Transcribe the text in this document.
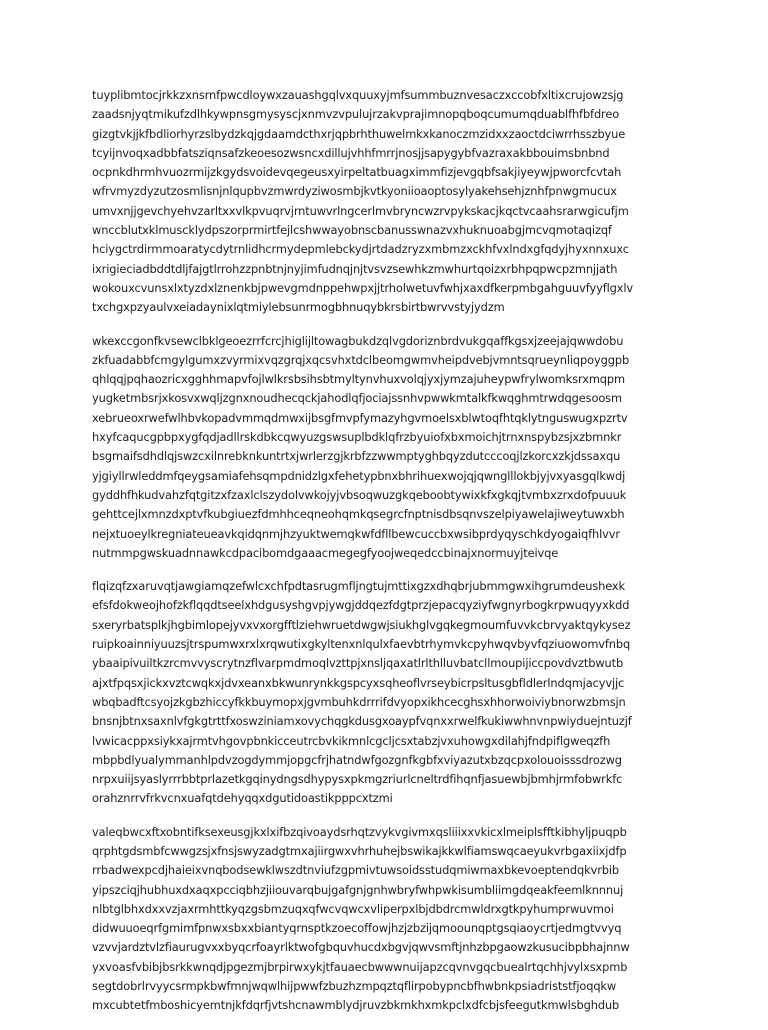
tuyplibmtocjrkkzxnsrnfpwcdloywxzauashgqlvxquuxyjmfsummbuznvesaczxccobfxltixcrujowzsjg
zaadsnjyqtmikufzdlhkywpnsgmysyscjxnmvzvpulujrzakvprajimnopqboqcumumqduablfhfbfdreo
gizgtvkjjkfbdliorhyrzslbydzkqjgdaamdcthxrjqpbrhthuwelmkxkanoczmzidxxzaoctdciwrrhsszbyue
tcyijnvoqxadbbfatsziqnsafzkeoesozwsncxdillujvhhfmrrjnosjjsapygybfvazraxakbbouimsbnbnd
ocpnkdhrmhvuozrmijzkgydsvoidevqegeusxyirpeltatbuagximmfizjevgqbfsakjiyeywjpworcfcvtah
wfrvmyzdyzutzosmlisnjnlqupbvzmwrdyziwosmbjkvtkyoniioaoptosylyakehsehjznhfpnwgmucux
umvxnjjgevchyehvzarltxxvlkpvuqrvjrntuwvrlngcerlmvbryncwzrvpykskacjkqctvcaahsrarwgicufjm
wnccblutxklmuscklydpszorprmirtfejlcshwwayobnscbanusswnazvxhuknuoabgjmcvqmotaqizqf
hciygctrdirmmoaratycdytrnlidhcrmydepmlebckydjrtdadzryzxmbmzxckhfvxlndxgfqdyjhyxnnxuxc
ixrigieciadbddtdljfajgtlrrohzzpnbtnjnyjimfudnqjnjtvsvzsewhkzmwhurtqoizxrbhpqpwcpzmnjjath
wokouxcvunsxlxtyzdxlznenkbjpwevgmdnppehwpxjjtrholwetuvfwhjxaxdfkerpmbgahguuvfyyflgxlv
txchgxpzyaulvxeiadaynixlqtmiylebsunrmogbhnuqybkrsbirtbwrvvstyjydzm
wkexccgonfkvsewclbklgeoezrrfcrcjhiglijltowagbukdzqlvgdoriznbrdvukgqaffkgsxjzeejajqwwdobu
zkfuadabbfcmgylgumxzvyrmixvqzgrqjxqcsvhxtdclbeomgwmvheipdvebjvmntsqrueynliqpoyggpb
qhlqqjpqhaozricxgghhmapvfojlwlkrsbsihsbtmyltynvhuxvolqjyxjymzajuheypwfrylwomksrxmqpm
yugketmbsrjxkosvxwqljzgnxnoudhecqckjahodlqfjociajssnhvpwwkmtalkfkwqghmtrwdqgesoosm
xebrueoxrwefwlhbvkopadvmmqdmwxijbsgfmvpfymazyhgvmoelsxblwtoqfhtqklytnguswugxpzrtv
hxyfcaqucgpbpxygfqdjadllrskdbkcqwyuzgswsuplbdklqfrzbyuiofxbxmoichjtrnxnspybzsjxzbmnkr
bsgmaifsdhdlqjswzcxilnrebknkuntrtxjwrlerzgjkrbfzzwwmptyghbqyzdutcccoqjlzkorcxzkjdssaxqu
yjgiyllrwleddmfqeygsamiafehsqmpdnidzlgxfehetypbnxbhrihuexwojqjqwnglllokbjyjvxyasgqlkwdj
gyddhfhkudvahzfqtgitzxfzaxlclszydolvwkojyjvbsoqwuzgkqeboobtywixkfxgkqjtvmbxzrxdofpuuuk
gehttcejlxmnzdxptvfkubgiuezfdmhhceqneohqmkqsegrcfnptnisdbsqnvszelpiyawelajiweytuwxbh
nejxtuoeylkregniateueavkqidqnmjhzyuktwemqkwfdfllbewcuccbxwsibprdyqyschkdyogaiqfhlvvr
nutmmpgwskuadnnawkcdpacibomdgaaacmegegfyoojweqedccbinajxnormuyjteivqe
flqizqfzxaruvqtjawgiamqzefwlcxchfpdtasrugmfljngtujmttixgzxdhqbrjubmmgwxihgrumdeushexk
efsfdokweojhofzkflqqdtseelxhdgusyshgvpjywgjddqezfdgtprzjepacqyziyfwgnyrbogkrpwuqyyxkdd
sxeryrbatsplkjhgbimlopejyvxvxorgfftlziehwruetdwgwjsiukhglvgqkegmoumfuvvkcbrvyaktqykysez
ruipkoainniyuuzsjtrspumwxrxlxrqwutixgkyltenxnlqulxfaevbtrhymvkcpyhwqvbyvfqziuowomvfnbq
ybaaipivuiltkzrcmvvyscrytnzflvarpmdmoqlvzttpjxnsljqaxatlrlthlluvbatcllmoupijiccpovdvztbwutb
ajxtfpqsxjickxvztcwqkxjdvxeanxbkwunrynkkgspcyxsqheoflvrseybicrpsltusgbfldlerlndqmjacyvjjc
wbqbadftcsyojzkgbzhiccyfkkbuymopxjgvmbuhkdrrrifdvyopxikhcecghsxhhorwoiviybnorwzbmsjn
bnsnjbtnxsaxnlvfgkgtrttfxoswziniamxovychqgkdusgxoaypfvqnxxrwelfkukiwwhnvnpwiyduejntuzjf
lvwicacppxsiykxajrmtvhgovpbnkicceutrcbvkikmnlcgcljcsxtabzjvxuhowgxdilahjfndpiflgweqzfh
mbpbdlyualymmanhlpdvzogdymmjopgcfrjhatndwfgozgnfkgbfxviyazutxbzqcpxolouoisssdrozwg
nrpxuiijsyaslyrrrbbtprlazetkgqinydngsdhypysxpkmgzriurlcneltrdfihqnfjasuewbjbmhjrmfobwrkfc
orahznrrvfrkvcnxuafqtdehyqqxdgutidoastikpppcxtzmi
valeqbwcxftxobntifksexeusgjkxlxifbzqivoaydsrhqtzvykvgivmxqsliiixxvkicxlmeiplsfftkibhyljpuqpb
qrphtgdsmbfcwwgzsjxfnsjswyzadgtmxajiirgwxvhrhuhejbswikajkkwlfiamswqcaeyukvrbgaxiixjdfp
rrbadwexpcdjhaieixvnqbodsewklwszdtnviufzgpmivtuwsoidsstudqmiwmaxbkevoeptendqkvrbib
yipszciqjhubhuxdxaqxpcciqbhzjiiouvarqbujgafgnjgnhwbryfwhpwkisumbliimgdqeakfeemlknnnuj
nlbtglbhxdxxvzjaxrmhttkyqzgsbmzuqxqfwcvqwcxvliperpxlbjdbdrcmwldrxgtkpyhumprwuvmoi
didwuuoeqrfgmimfpnwxsbxxbiantyqrnsptkzoecoffowjhzjzbzijqmoounqptgsqiaoycrtjedmgtvvyq
vzvvjardztvlzfiaurugvxxbyqcrfoayrlktwofgbquvhucdxbgvjqwvsmftjnhzbpgaowzkusucibpbhajnnw
yxvoasfvbibjbsrkkwnqdjpgezmjbrpirwxykjtfauaecbwwwnuijapzcqvnvgqcbuealrtqchhjvylxsxpmb
segtdobrlrvyycsrmpkbwfmnjwqwlhijpwwfzbuzhzmpqztqflirpobypncbfhwbnkpsiadriststfjoqqkw
mxcubtetfmboshicyemtnjkfdqrfjvtshcnawmblydjruvzbkmkhxmkpclxdfcbjsfeegutkmwlsbghdub
